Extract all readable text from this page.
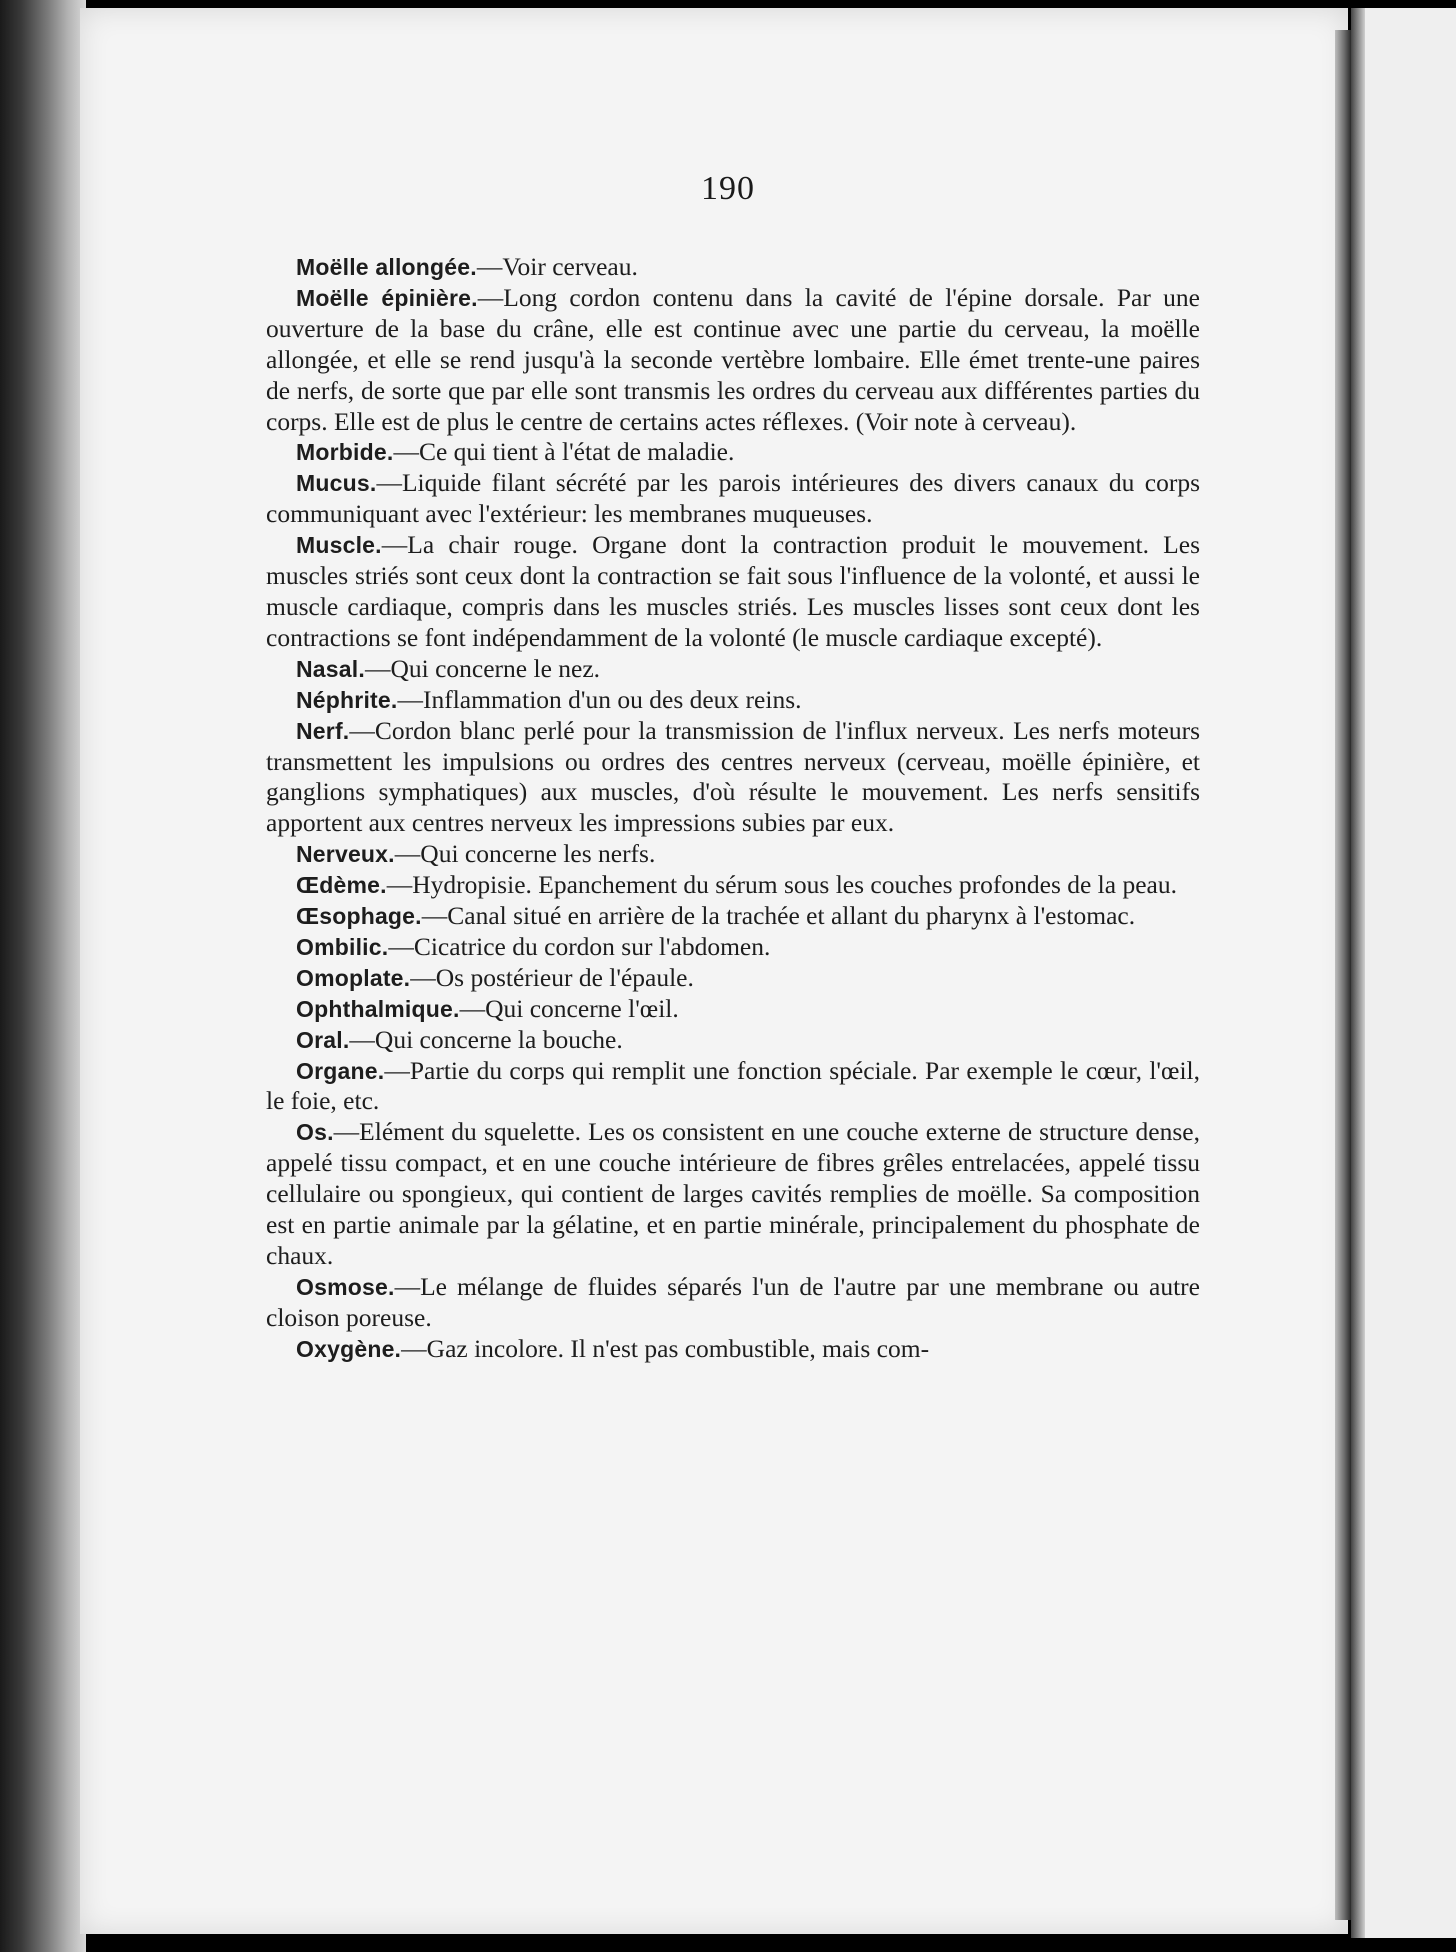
190

Moëlle allongée.—Voir cerveau.

Moëlle épinière.—Long cordon contenu dans la cavité de l'épine dorsale. Par une ouverture de la base du crâne, elle est continue avec une partie du cerveau, la moëlle allongée, et elle se rend jusqu'à la seconde vertèbre lombaire. Elle émet trente-une paires de nerfs, de sorte que par elle sont transmis les ordres du cerveau aux différentes parties du corps. Elle est de plus le centre de certains actes réflexes. (Voir note à cerveau).

Morbide.—Ce qui tient à l'état de maladie.

Mucus.—Liquide filant sécrété par les parois intérieures des divers canaux du corps communiquant avec l'extérieur: les membranes muqueuses.

Muscle.—La chair rouge. Organe dont la contraction produit le mouvement. Les muscles striés sont ceux dont la contraction se fait sous l'influence de la volonté, et aussi le muscle cardiaque, compris dans les muscles striés. Les muscles lisses sont ceux dont les contractions se font indépendamment de la volonté (le muscle cardiaque excepté).

Nasal.—Qui concerne le nez.

Néphrite.—Inflammation d'un ou des deux reins.

Nerf.—Cordon blanc perlé pour la transmission de l'influx nerveux. Les nerfs moteurs transmettent les impulsions ou ordres des centres nerveux (cerveau, moëlle épinière, et ganglions symphatiques) aux muscles, d'où résulte le mouvement. Les nerfs sensitifs apportent aux centres nerveux les impressions subies par eux.

Nerveux.—Qui concerne les nerfs.

Œdème.—Hydropisie. Epanchement du sérum sous les couches profondes de la peau.

Œsophage.—Canal situé en arrière de la trachée et allant du pharynx à l'estomac.

Ombilic.—Cicatrice du cordon sur l'abdomen.

Omoplate.—Os postérieur de l'épaule.

Ophthalmique.—Qui concerne l'œil.

Oral.—Qui concerne la bouche.

Organe.—Partie du corps qui remplit une fonction spéciale. Par exemple le cœur, l'œil, le foie, etc.

Os.—Elément du squelette. Les os consistent en une couche externe de structure dense, appelé tissu compact, et en une couche intérieure de fibres grêles entrelacées, appelé tissu cellulaire ou spongieux, qui contient de larges cavités remplies de moëlle. Sa composition est en partie animale par la gélatine, et en partie minérale, principalement du phosphate de chaux.

Osmose.—Le mélange de fluides séparés l'un de l'autre par une membrane ou autre cloison poreuse.

Oxygène.—Gaz incolore. Il n'est pas combustible, mais com-
